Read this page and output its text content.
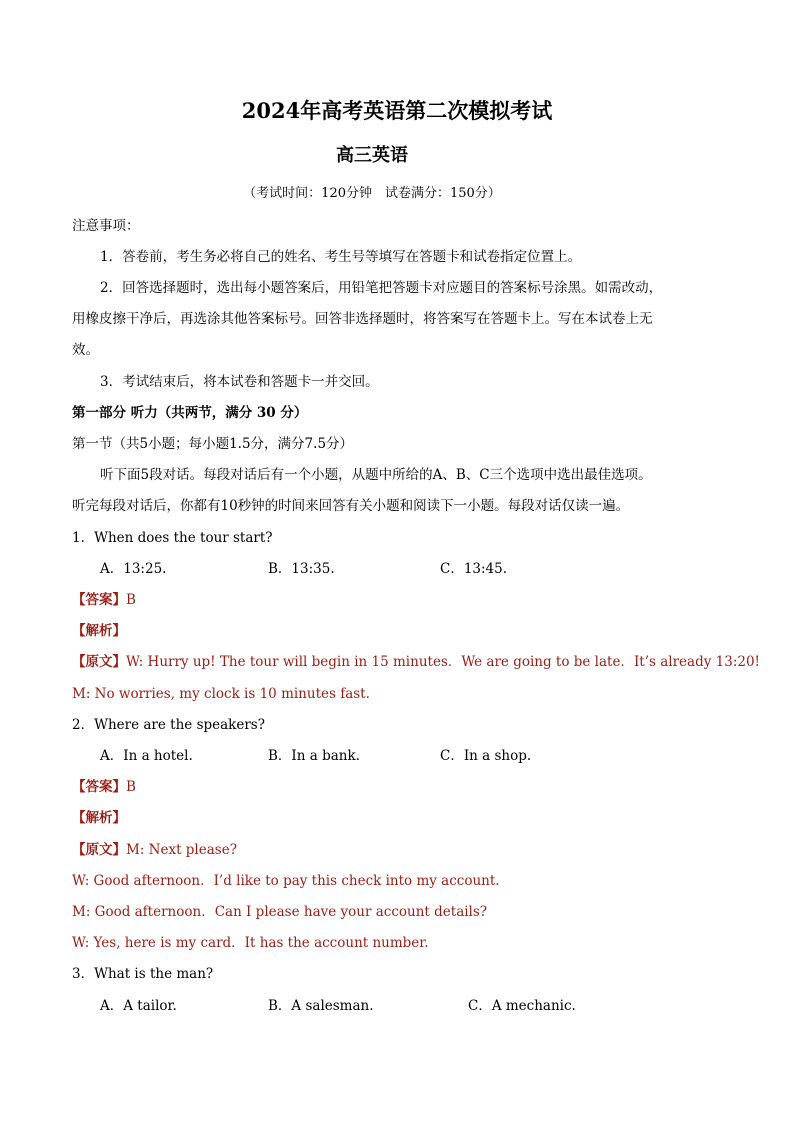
2024年高考英语第二次模拟考试
高三英语
（考试时间：120分钟　试卷满分：150分）
注意事项：
1．答卷前，考生务必将自己的姓名、考生号等填写在答题卡和试卷指定位置上。
2．回答选择题时，选出每小题答案后，用铅笔把答题卡对应题目的答案标号涂黑。如需改动，
用橡皮擦干净后，再选涂其他答案标号。回答非选择题时，将答案写在答题卡上。写在本试卷上无
效。
3．考试结束后，将本试卷和答题卡一并交回。
第一部分 听力（共两节，满分 30 分）
第一节（共5小题；每小题1.5分，满分7.5分）
听下面5段对话。每段对话后有一个小题，从题中所给的A、B、C三个选项中选出最佳选项。
听完每段对话后，你都有10秒钟的时间来回答有关小题和阅读下一小题。每段对话仅读一遍。
1．When does the tour start?
A．13:25.	B．13:35.	C．13:45.
【答案】B
【解析】
【原文】W: Hurry up! The tour will begin in 15 minutes．We are going to be late．It’s already 13:20!
M: No worries, my clock is 10 minutes fast.
2．Where are the speakers?
A．In a hotel.	B．In a bank.	C．In a shop.
【答案】B
【解析】
【原文】M: Next please?
W: Good afternoon．I’d like to pay this check into my account.
M: Good afternoon．Can I please have your account details?
W: Yes, here is my card．It has the account number.
3．What is the man?
A．A tailor.	B．A salesman.	C．A mechanic.
